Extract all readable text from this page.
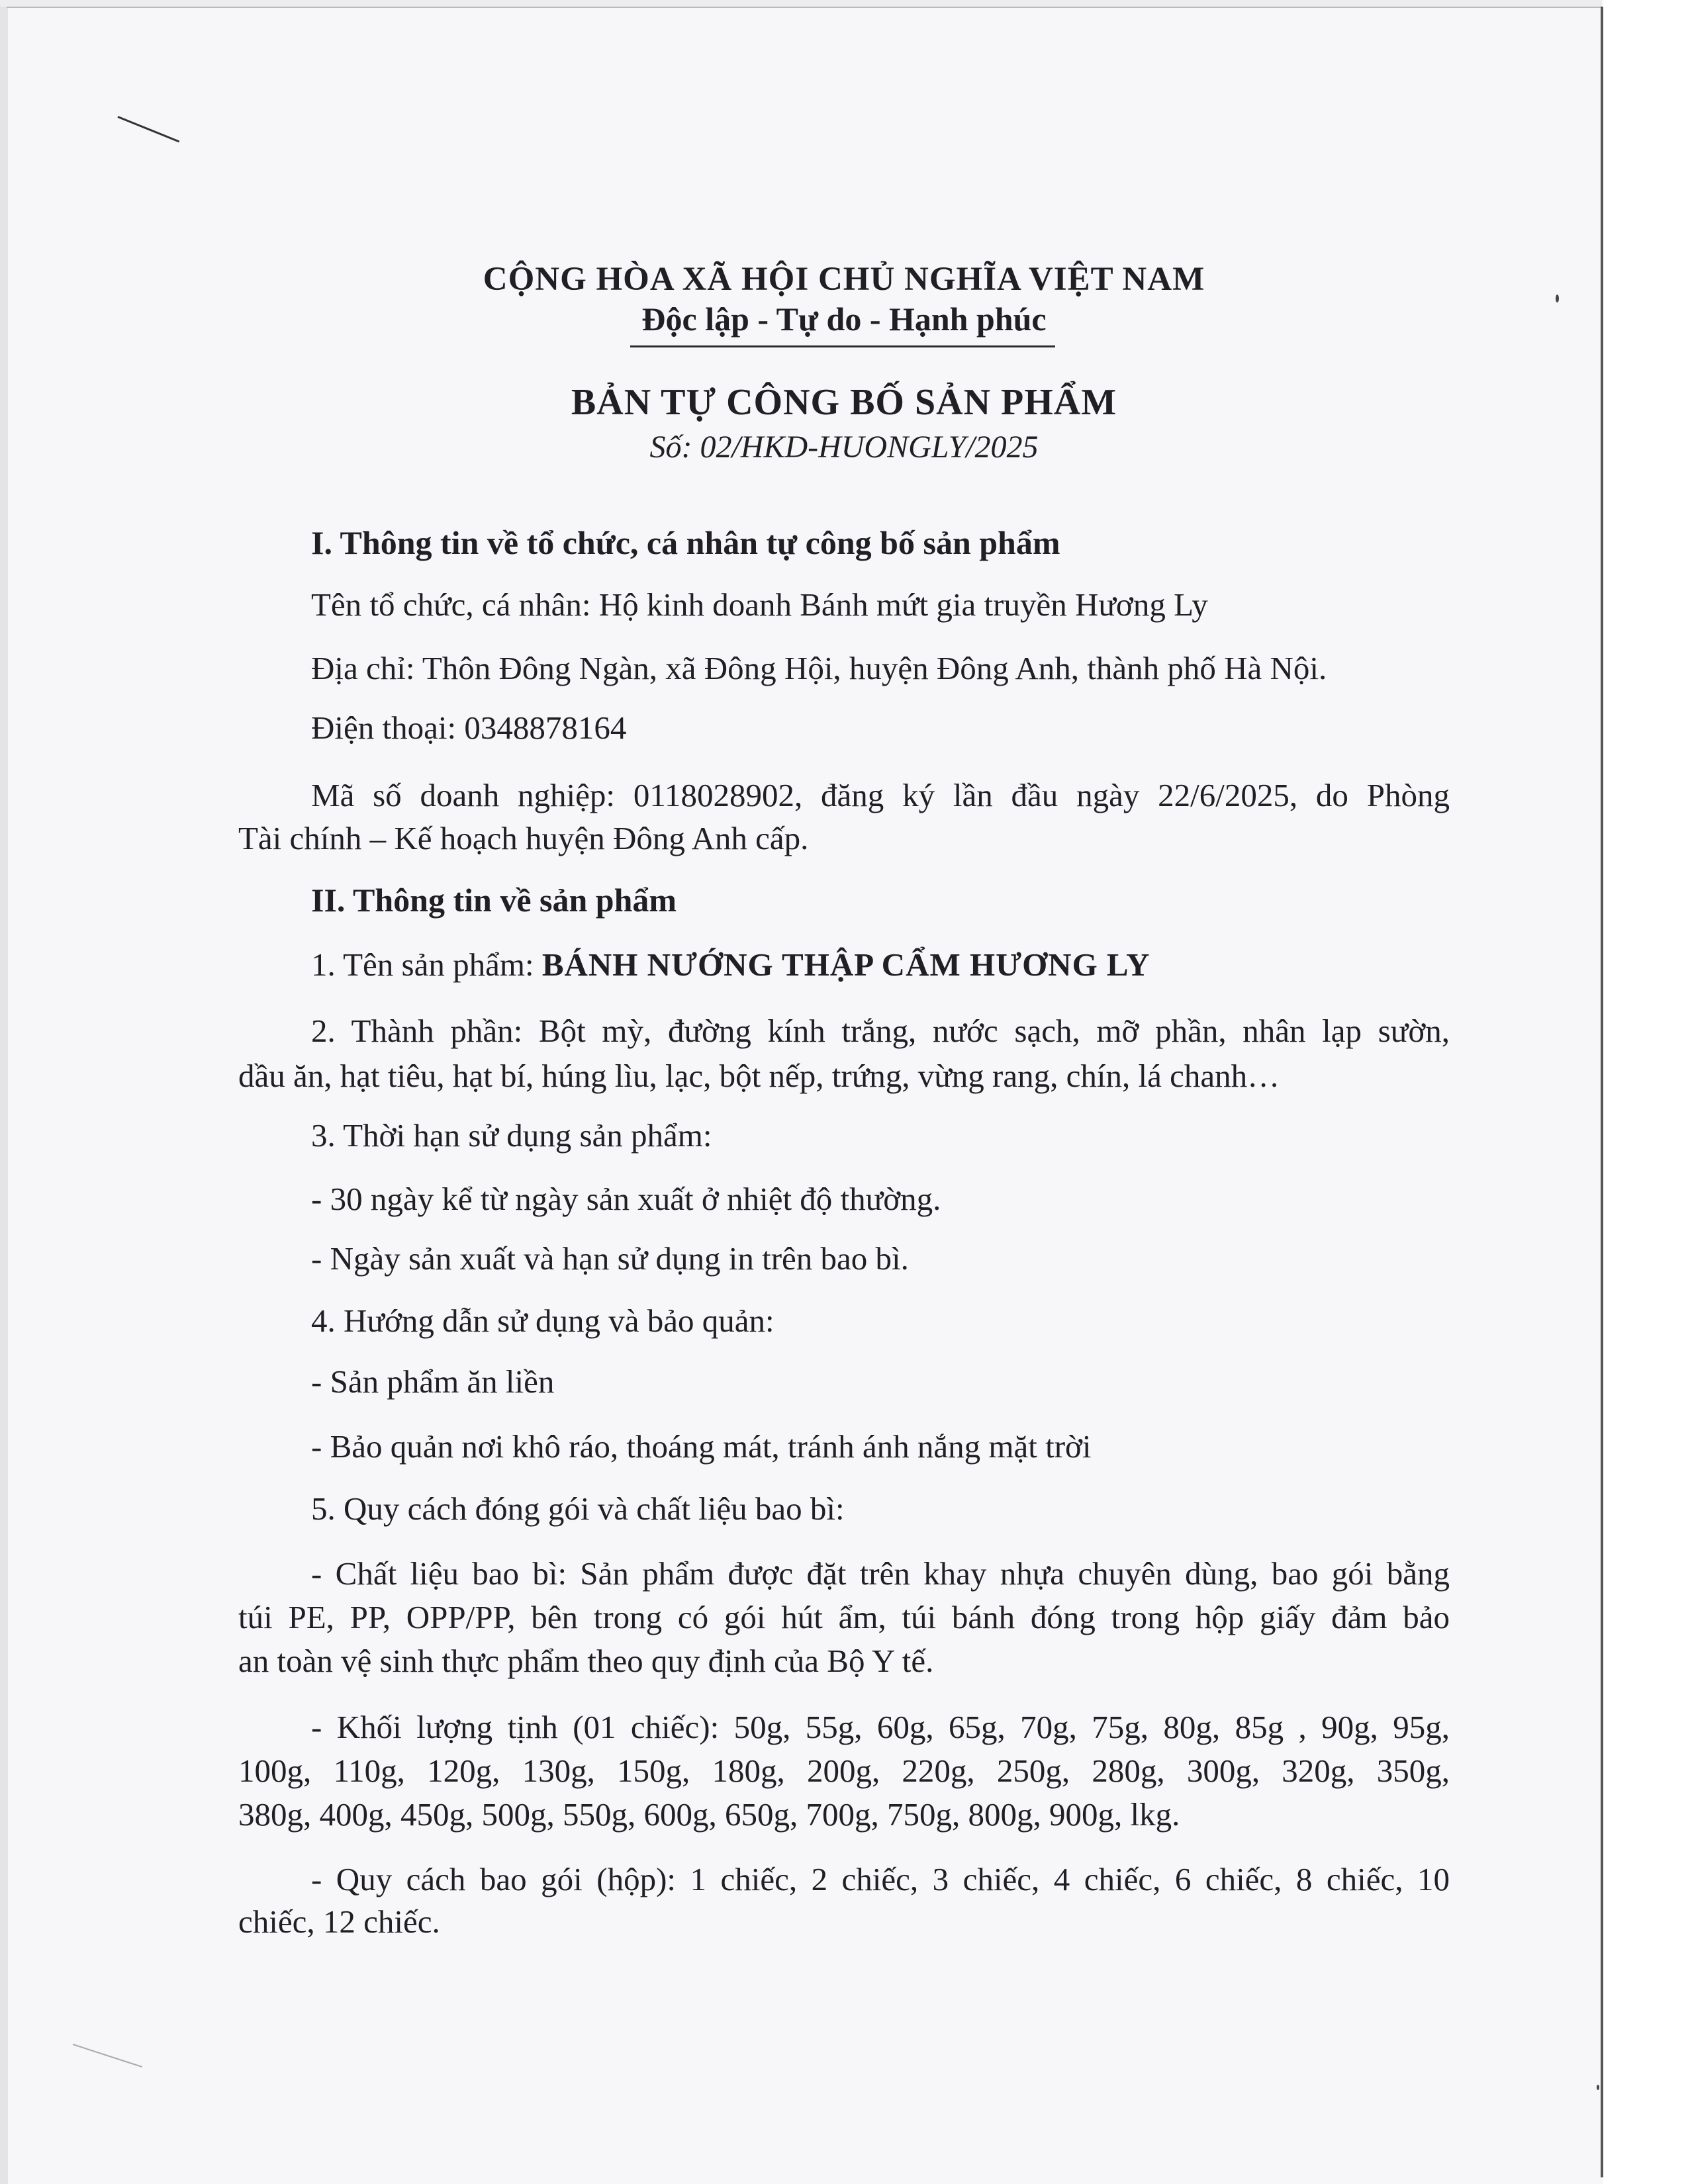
CỘNG HÒA XÃ HỘI CHỦ NGHĨA VIỆT NAM
Độc lập - Tự do - Hạnh phúc
BẢN TỰ CÔNG BỐ SẢN PHẨM
Số: 02/HKD-HUONGLY/2025
I. Thông tin về tổ chức, cá nhân tự công bố sản phẩm
Tên tổ chức, cá nhân: Hộ kinh doanh Bánh mứt gia truyền Hương Ly
Địa chỉ: Thôn Đông Ngàn, xã Đông Hội, huyện Đông Anh, thành phố Hà Nội.
Điện thoại: 0348878164
Mã số doanh nghiệp: 0118028902, đăng ký lần đầu ngày 22/6/2025, do Phòng
Tài chính – Kế hoạch huyện Đông Anh cấp.
II. Thông tin về sản phẩm
1. Tên sản phẩm: BÁNH NƯỚNG THẬP CẨM HƯƠNG LY
2. Thành phần: Bột mỳ, đường kính trắng, nước sạch, mỡ phần, nhân lạp sườn,
dầu ăn, hạt tiêu, hạt bí, húng lìu, lạc, bột nếp, trứng, vừng rang, chín, lá chanh…
3. Thời hạn sử dụng sản phẩm:
- 30 ngày kể từ ngày sản xuất ở nhiệt độ thường.
- Ngày sản xuất và hạn sử dụng in trên bao bì.
4. Hướng dẫn sử dụng và bảo quản:
- Sản phẩm ăn liền
- Bảo quản nơi khô ráo, thoáng mát, tránh ánh nắng mặt trời
5. Quy cách đóng gói và chất liệu bao bì:
- Chất liệu bao bì: Sản phẩm được đặt trên khay nhựa chuyên dùng, bao gói bằng
túi PE, PP, OPP/PP, bên trong có gói hút ẩm, túi bánh đóng trong hộp giấy đảm bảo
an toàn vệ sinh thực phẩm theo quy định của Bộ Y tế.
- Khối lượng tịnh (01 chiếc): 50g, 55g, 60g, 65g, 70g, 75g, 80g, 85g , 90g, 95g,
100g, 110g, 120g, 130g, 150g, 180g, 200g, 220g, 250g, 280g, 300g, 320g, 350g,
380g, 400g, 450g, 500g, 550g, 600g, 650g, 700g, 750g, 800g, 900g, lkg.
- Quy cách bao gói (hộp): 1 chiếc, 2 chiếc, 3 chiếc, 4 chiếc, 6 chiếc, 8 chiếc, 10
chiếc, 12 chiếc.
